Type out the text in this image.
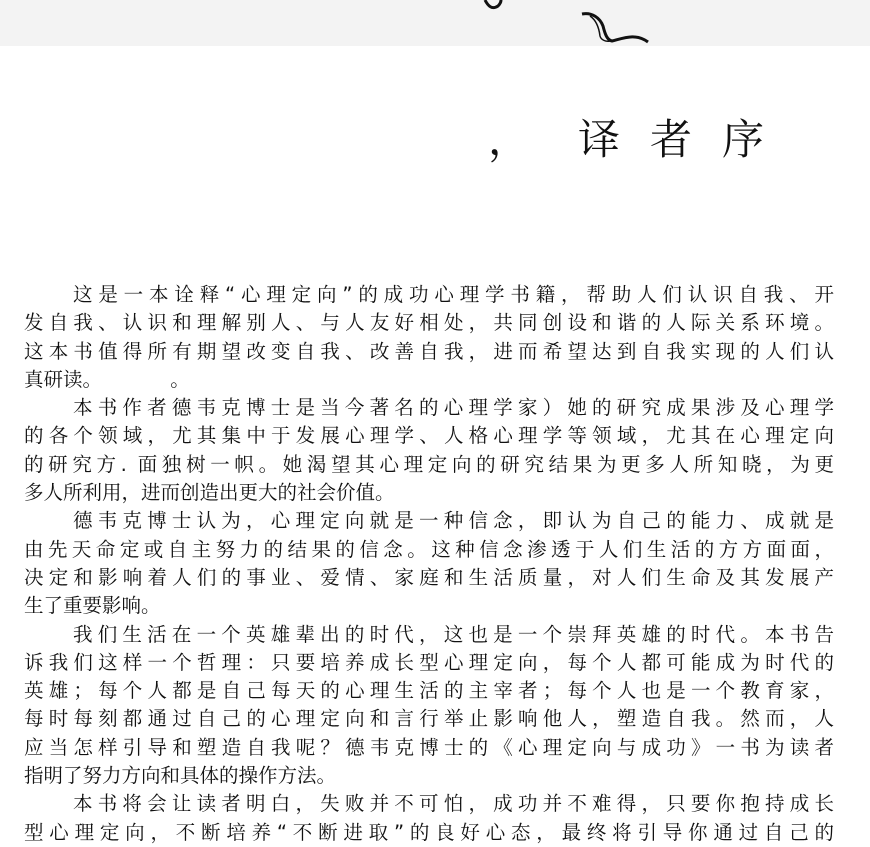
， 译者序
这是一本诠释“心理定向”的成功心理学书籍，帮助人们认识自我、开
发自我、认识和理解别人、与人友好相处，共同创设和谐的人际关系环境。
这本书值得所有期望改变自我、改善自我，进而希望达到自我实现的人们认
真研读。　　　　。
本书作者德韦克博士是当今著名的心理学家）她的研究成果涉及心理学
的各个领域，尤其集中于发展心理学、人格心理学等领域，尤其在心理定向
的研究方. 面独树一帜。她渴望其心理定向的研究结果为更多人所知晓，为更
多人所利用，进而创造出更大的社会价值。
德韦克博士认为，心理定向就是一种信念，即认为自己的能力、成就是
由先天命定或自主努力的结果的信念。这种信念渗透于人们生活的方方面面，
决定和影响着人们的事业、爱情、家庭和生活质量，对人们生命及其发展产
生了重要影响。
我们生活在一个英雄辈出的时代，这也是一个崇拜英雄的时代。本书告
诉我们这样一个哲理：只要培养成长型心理定向，每个人都可能成为时代的
英雄；每个人都是自己每天的心理生活的主宰者；每个人也是一个教育家，
每时每刻都通过自己的心理定向和言行举止影响他人，塑造自我。然而，人
应当怎样引导和塑造自我呢？德韦克博士的《心理定向与成功》一书为读者
指明了努力方向和具体的操作方法。
本书将会让读者明白，失败并不可怕，成功并不难得，只要你抱持成长
型心理定向，不断培养“不断进取”的良好心态，最终将引导你通过自己的
